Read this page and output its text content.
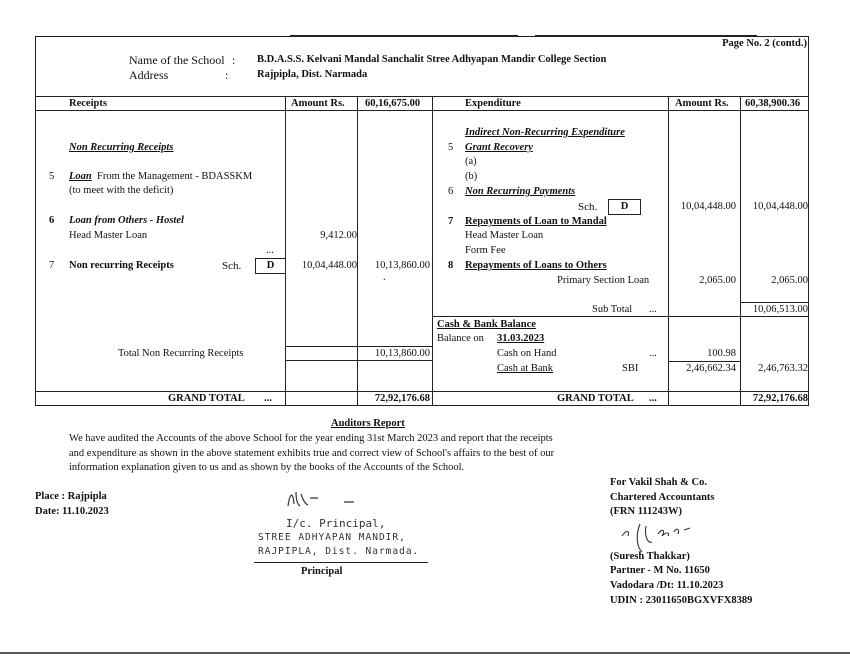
Page No. 2 (contd.)
Name of the School : B.D.A.S.S. Kelvani Mandal Sanchalit Stree Adhyapan Mandir College Section
Address	:	Rajpipla, Dist. Narmada
Receipts	Amount Rs. 60,16,675.00	Expenditure	Amount Rs. 60,38,900.36
Non Recurring Receipts
5 Loan From the Management - BDASSKM
(to meet with the deficit)
6 Loan from Others - Hostel
Head Master Loan	9,412.00
...
7 Non recurring Receipts	Sch.	D	10,04,448.00 10,13,860.00
.
Total Non Recurring Receipts	10,13,860.00
GRAND TOTAL ...	72,92,176.68
Indirect Non-Recurring Expenditure
5 Grant Recovery
(a)
(b)
6 Non Recurring Payments
Sch.	D	10,04,448.00 10,04,448.00
7 Repayments of Loan to Mandal
Head Master Loan
Form Fee
8 Repayments of Loans to Others
Primary Section Loan	2,065.00	2,065.00
Sub Total ...	10,06,513.00
Cash & Bank Balance
Balance on 31.03.2023
Cash on Hand	...	100.98
Cash at Bank	SBI	2,46,662.34 2,46,763.32
GRAND TOTAL ...	72,92,176.68
Auditors Report
We have audited the Accounts of the above School for the year ending 31st March 2023 and report that the receipts
and expenditure as shown in the above statement exhibits true and correct view of School's affairs to the best of our
information explanation given to us and as shown by the books of the Accounts of the School.
Place : Rajpipla
Date: 11.10.2023
I/c. Principal,
STREE ADHYAPAN MANDIR,
RAJPIPLA, Dist. Narmada.
Principal
For Vakil Shah & Co.
Chartered Accountants
(FRN 111243W)
(Suresh Thakkar)
Partner - M No. 11650
Vadodara /Dt: 11.10.2023
UDIN : 23011650BGXVFX8389
